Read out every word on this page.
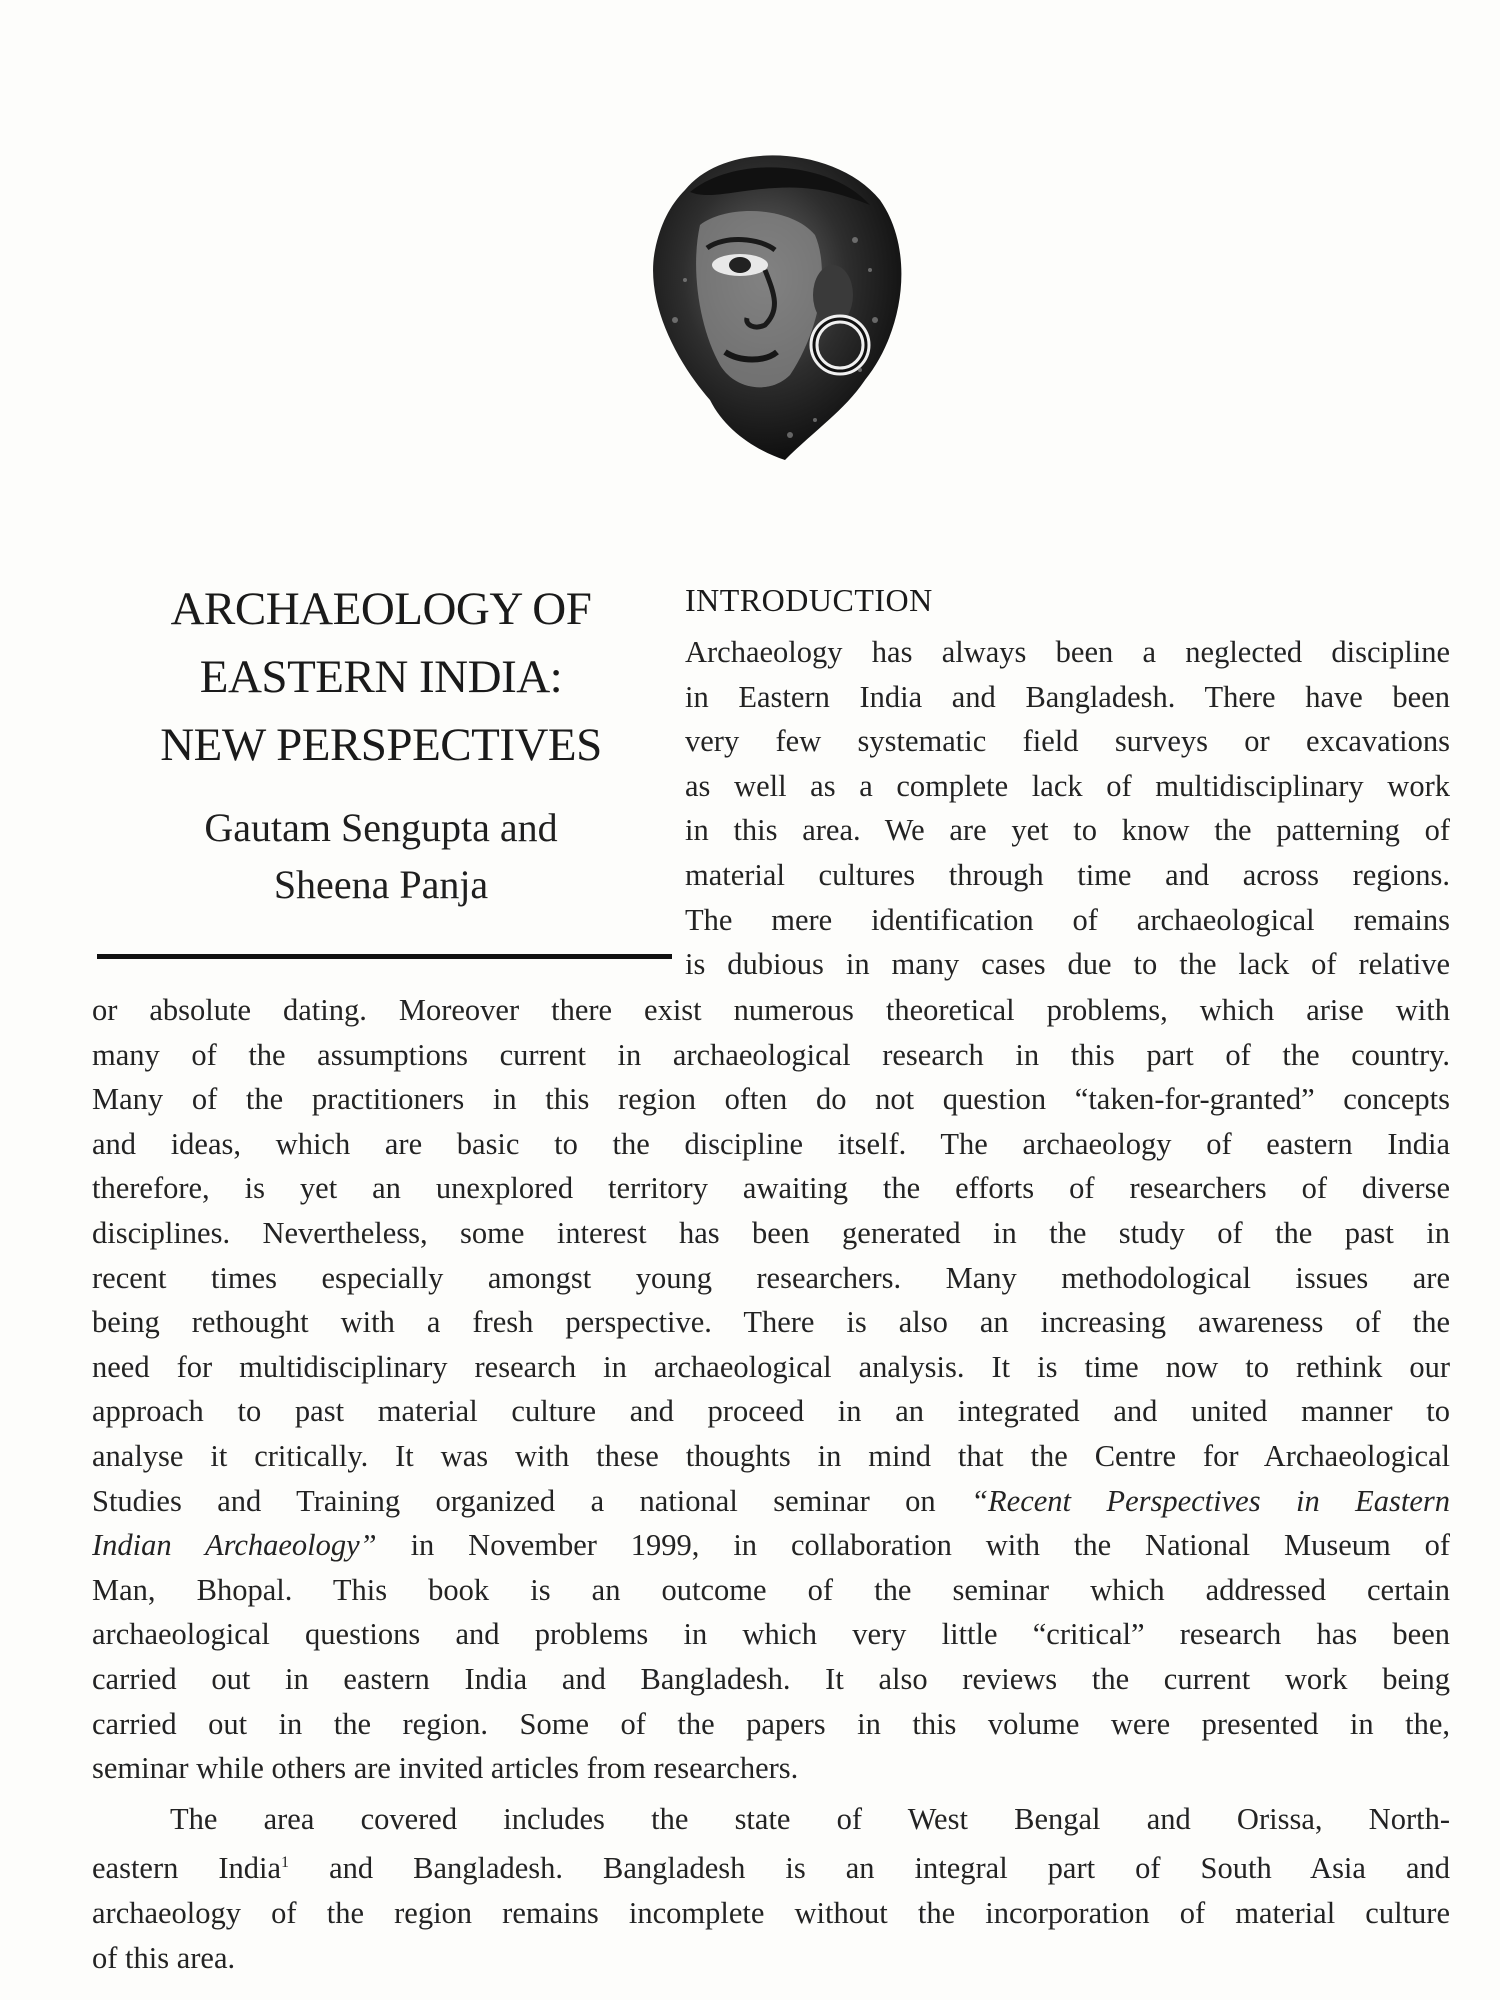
ARCHAEOLOGY OF
EASTERN INDIA:
NEW PERSPECTIVES

Gautam Sengupta and
Sheena Panja

INTRODUCTION
Archaeology has always been a neglected discipline
in Eastern India and Bangladesh. There have been
very few systematic field surveys or excavations
as well as a complete lack of multidisciplinary work
in this area. We are yet to know the patterning of
material cultures through time and across regions.
The mere identification of archaeological remains
is dubious in many cases due to the lack of relative
or absolute dating. Moreover there exist numerous theoretical problems, which arise with
many of the assumptions current in archaeological research in this part of the country.
Many of the practitioners in this region often do not question “taken-for-granted” concepts
and ideas, which are basic to the discipline itself. The archaeology of eastern India
therefore, is yet an unexplored territory awaiting the efforts of researchers of diverse
disciplines. Nevertheless, some interest has been generated in the study of the past in
recent times especially amongst young researchers. Many methodological issues are
being rethought with a fresh perspective. There is also an increasing awareness of the
need for multidisciplinary research in archaeological analysis. It is time now to rethink our
approach to past material culture and proceed in an integrated and united manner to
analyse it critically. It was with these thoughts in mind that the Centre for Archaeological
Studies and Training organized a national seminar on “Recent Perspectives in Eastern
Indian Archaeology” in November 1999, in collaboration with the National Museum of
Man, Bhopal. This book is an outcome of the seminar which addressed certain
archaeological questions and problems in which very little “critical” research has been
carried out in eastern India and Bangladesh. It also reviews the current work being
carried out in the region. Some of the papers in this volume were presented in the,
seminar while others are invited articles from researchers.
The area covered includes the state of West Bengal and Orissa, North-
eastern India$^1$ and Bangladesh. Bangladesh is an integral part of South Asia and
archaeology of the region remains incomplete without the incorporation of material culture
of this area.
